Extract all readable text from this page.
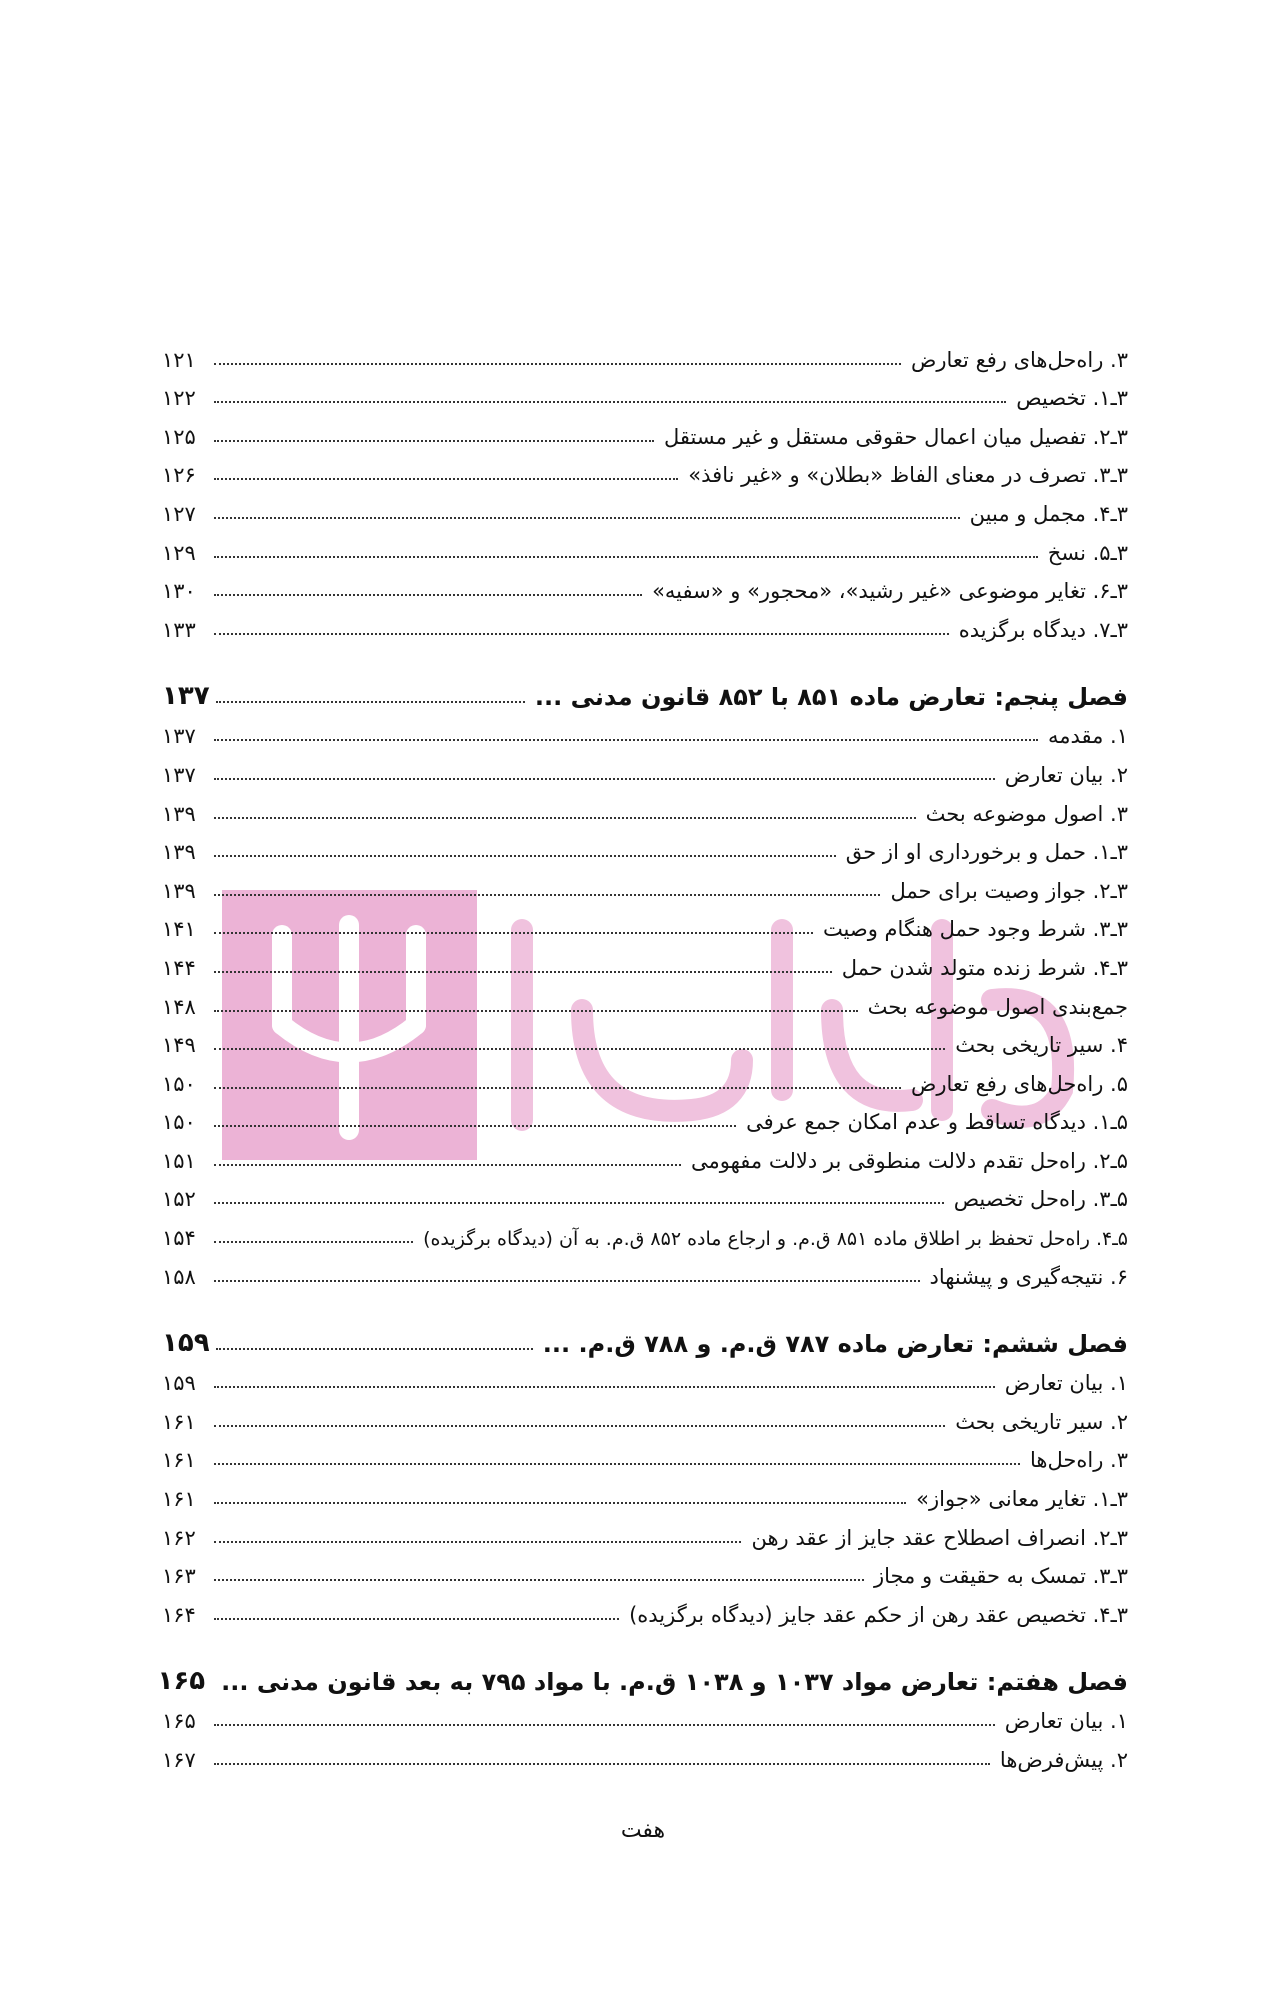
۳. راه‌حل‌های رفع تعارض
۱۲۱
۳ـ۱. تخصیص
۱۲۲
۳ـ۲. تفصیل میان اعمال حقوقی مستقل و غیر مستقل
۱۲۵
۳ـ۳. تصرف در معنای الفاظ «بطلان» و «غیر نافذ»
۱۲۶
۳ـ۴. مجمل و مبین
۱۲۷
۳ـ۵. نسخ
۱۲۹
۳ـ۶. تغایر موضوعی «غیر رشید»، «محجور» و «سفیه»
۱۳۰
۳ـ۷. دیدگاه برگزیده
۱۳۳
فصل پنجم: تعارض ماده ۸۵۱ با ۸۵۲ قانون مدنی ...
۱۳۷
۱. مقدمه
۱۳۷
۲. بیان تعارض
۱۳۷
۳. اصول موضوعه بحث
۱۳۹
۳ـ۱. حمل و برخورداری او از حق
۱۳۹
۳ـ۲. جواز وصیت برای حمل
۱۳۹
۳ـ۳. شرط وجود حمل هنگام وصیت
۱۴۱
۳ـ۴. شرط زنده متولد شدن حمل
۱۴۴
جمع‌بندی اصول موضوعه بحث
۱۴۸
۴. سیر تاریخی بحث
۱۴۹
۵. راه‌حل‌های رفع تعارض
۱۵۰
۵ـ۱. دیدگاه تساقط و عدم امکان جمع عرفی
۱۵۰
۵ـ۲. راه‌حل تقدم دلالت منطوقی بر دلالت مفهومی
۱۵۱
۵ـ۳. راه‌حل تخصیص
۱۵۲
۵ـ۴. راه‌حل تحفظ بر اطلاق ماده ۸۵۱ ق.م. و ارجاع ماده ۸۵۲ ق.م. به آن (دیدگاه برگزیده)
۱۵۴
۶. نتیجه‌گیری و پیشنهاد
۱۵۸
فصل ششم: تعارض ماده ۷۸۷ ق.م. و ۷۸۸ ق.م. ...
۱۵۹
۱. بیان تعارض
۱۵۹
۲. سیر تاریخی بحث
۱۶۱
۳. راه‌حل‌ها
۱۶۱
۳ـ۱. تغایر معانی «جواز»
۱۶۱
۳ـ۲. انصراف اصطلاح عقد جایز از عقد رهن
۱۶۲
۳ـ۳. تمسک به حقیقت و مجاز
۱۶۳
۳ـ۴. تخصیص عقد رهن از حکم عقد جایز (دیدگاه برگزیده)
۱۶۴
فصل هفتم: تعارض مواد ۱۰۳۷ و ۱۰۳۸ ق.م. با مواد ۷۹۵ به بعد قانون مدنی ...
۱۶۵
۱. بیان تعارض
۱۶۵
۲. پیش‌فرض‌ها
۱۶۷
هفت
